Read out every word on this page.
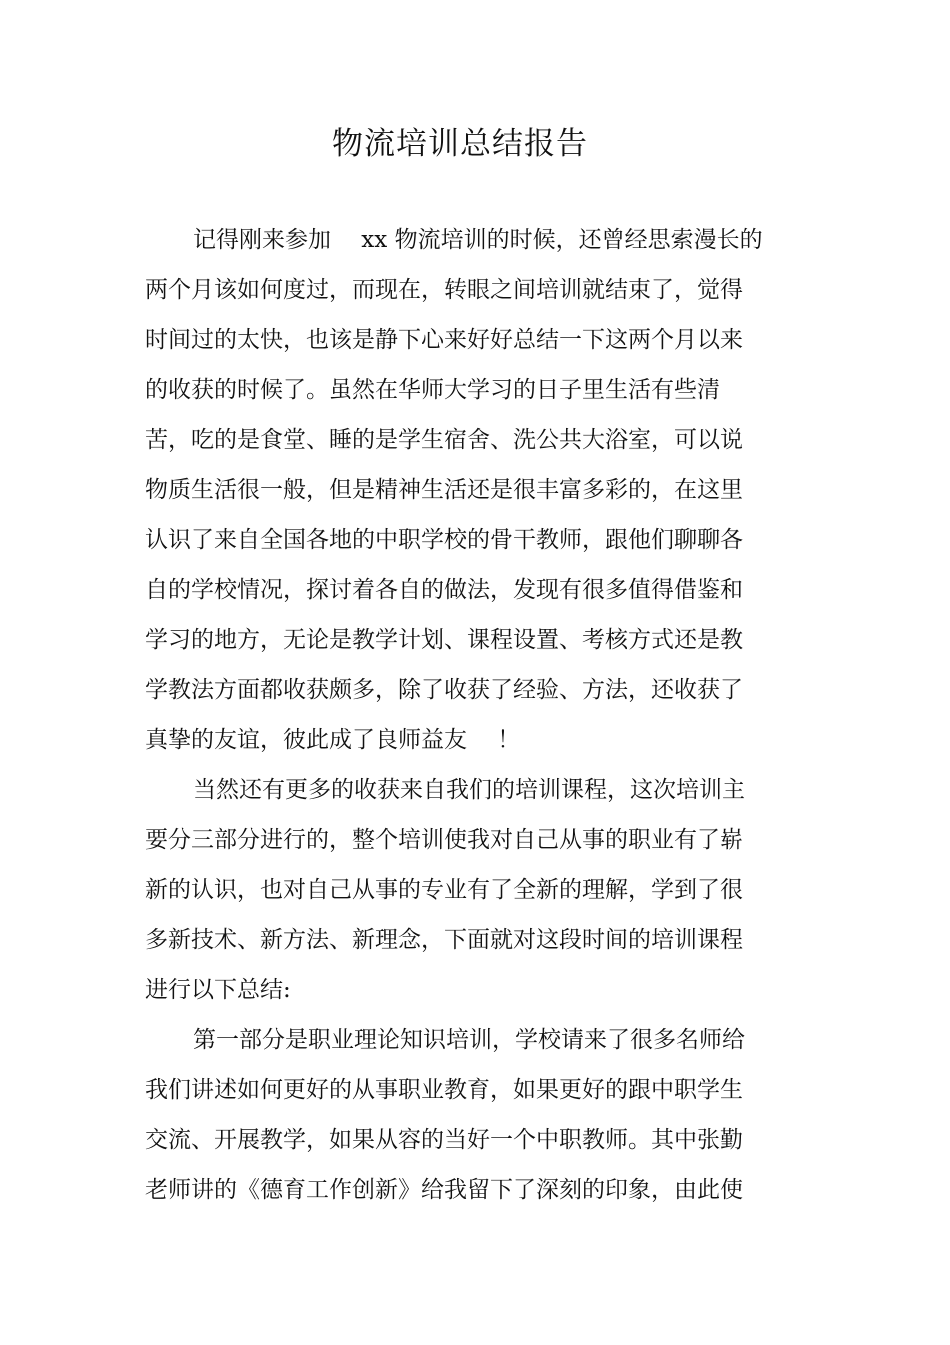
物流培训总结报告
记得刚来参加　 xx 物流培训的时候，还曾经思索漫长的
两个月该如何度过，而现在，转眼之间培训就结束了，觉得
时间过的太快，也该是静下心来好好总结一下这两个月以来
的收获的时候了。虽然在华师大学习的日子里生活有些清
苦，吃的是食堂、睡的是学生宿舍、洗公共大浴室，可以说
物质生活很一般，但是精神生活还是很丰富多彩的，在这里
认识了来自全国各地的中职学校的骨干教师，跟他们聊聊各
自的学校情况，探讨着各自的做法，发现有很多值得借鉴和
学习的地方，无论是教学计划、课程设置、考核方式还是教
学教法方面都收获颇多，除了收获了经验、方法，还收获了
真挚的友谊，彼此成了良师益友　 ！
当然还有更多的收获来自我们的培训课程，这次培训主
要分三部分进行的，整个培训使我对自己从事的职业有了崭
新的认识，也对自己从事的专业有了全新的理解，学到了很
多新技术、新方法、新理念，下面就对这段时间的培训课程
进行以下总结:
第一部分是职业理论知识培训，学校请来了很多名师给
我们讲述如何更好的从事职业教育，如果更好的跟中职学生
交流、开展教学，如果从容的当好一个中职教师。其中张勤
老师讲的《德育工作创新》给我留下了深刻的印象，由此使
